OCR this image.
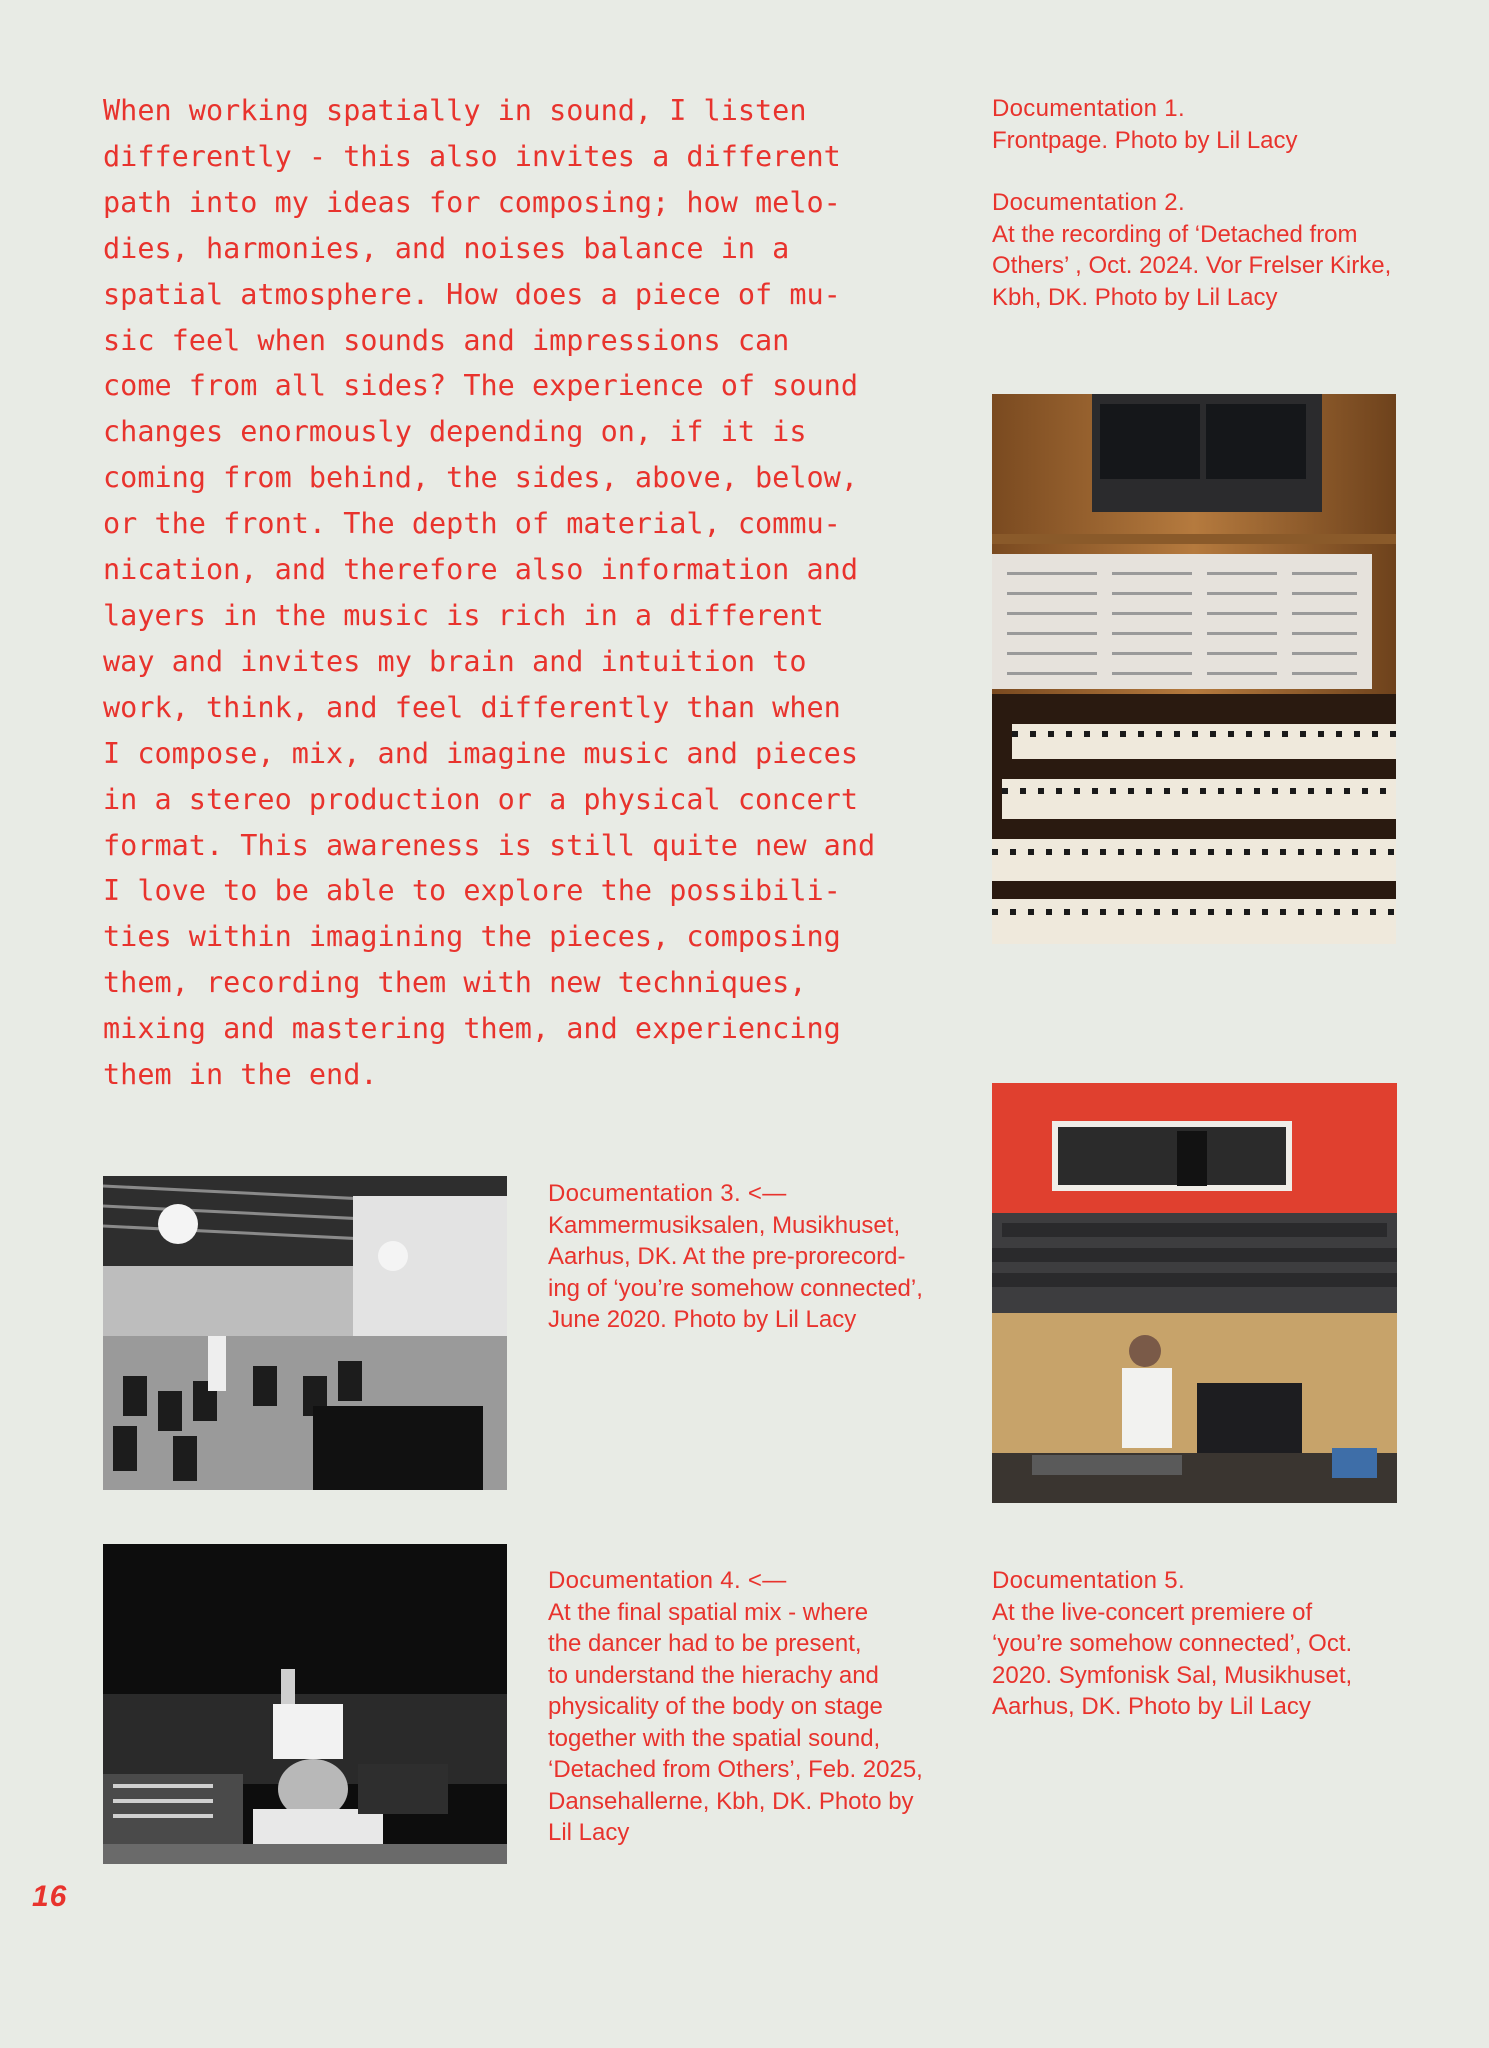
When working spatially in sound, I listen
differently - this also invites a different
path into my ideas for composing; how melo-
dies, harmonies, and noises balance in a
spatial atmosphere. How does a piece of mu-
sic feel when sounds and impressions can
come from all sides? The experience of sound
changes enormously depending on, if it is
coming from behind, the sides, above, below,
or the front. The depth of material, commu-
nication, and therefore also information and
layers in the music is rich in a different
way and invites my brain and intuition to
work, think, and feel differently than when
I compose, mix, and imagine music and pieces
in a stereo production or a physical concert
format. This awareness is still quite new and
I love to be able to explore the possibili-
ties within imagining the pieces, composing
them, recording them with new techniques,
mixing and mastering them, and experiencing
them in the end.
Documentation 1.
Frontpage. Photo by Lil Lacy
Documentation 2.
At the recording of ‘Detached from
Others’ , Oct. 2024. Vor Frelser Kirke,
Kbh, DK. Photo by Lil Lacy
Documentation 3. <—
Kammermusiksalen, Musikhuset,
Aarhus, DK. At the pre-prorecord-
ing of ‘you’re somehow connected’,
June 2020. Photo by Lil Lacy
Documentation 4. <—
At the final spatial mix - where
the dancer had to be present,
to understand the hierachy and
physicality of the body on stage
together with the spatial sound,
‘Detached from Others’, Feb. 2025,
Dansehallerne, Kbh, DK. Photo by
Lil Lacy
Documentation 5.
At the live-concert premiere of
‘you’re somehow connected’, Oct.
2020. Symfonisk Sal, Musikhuset,
Aarhus, DK. Photo by Lil Lacy
16
